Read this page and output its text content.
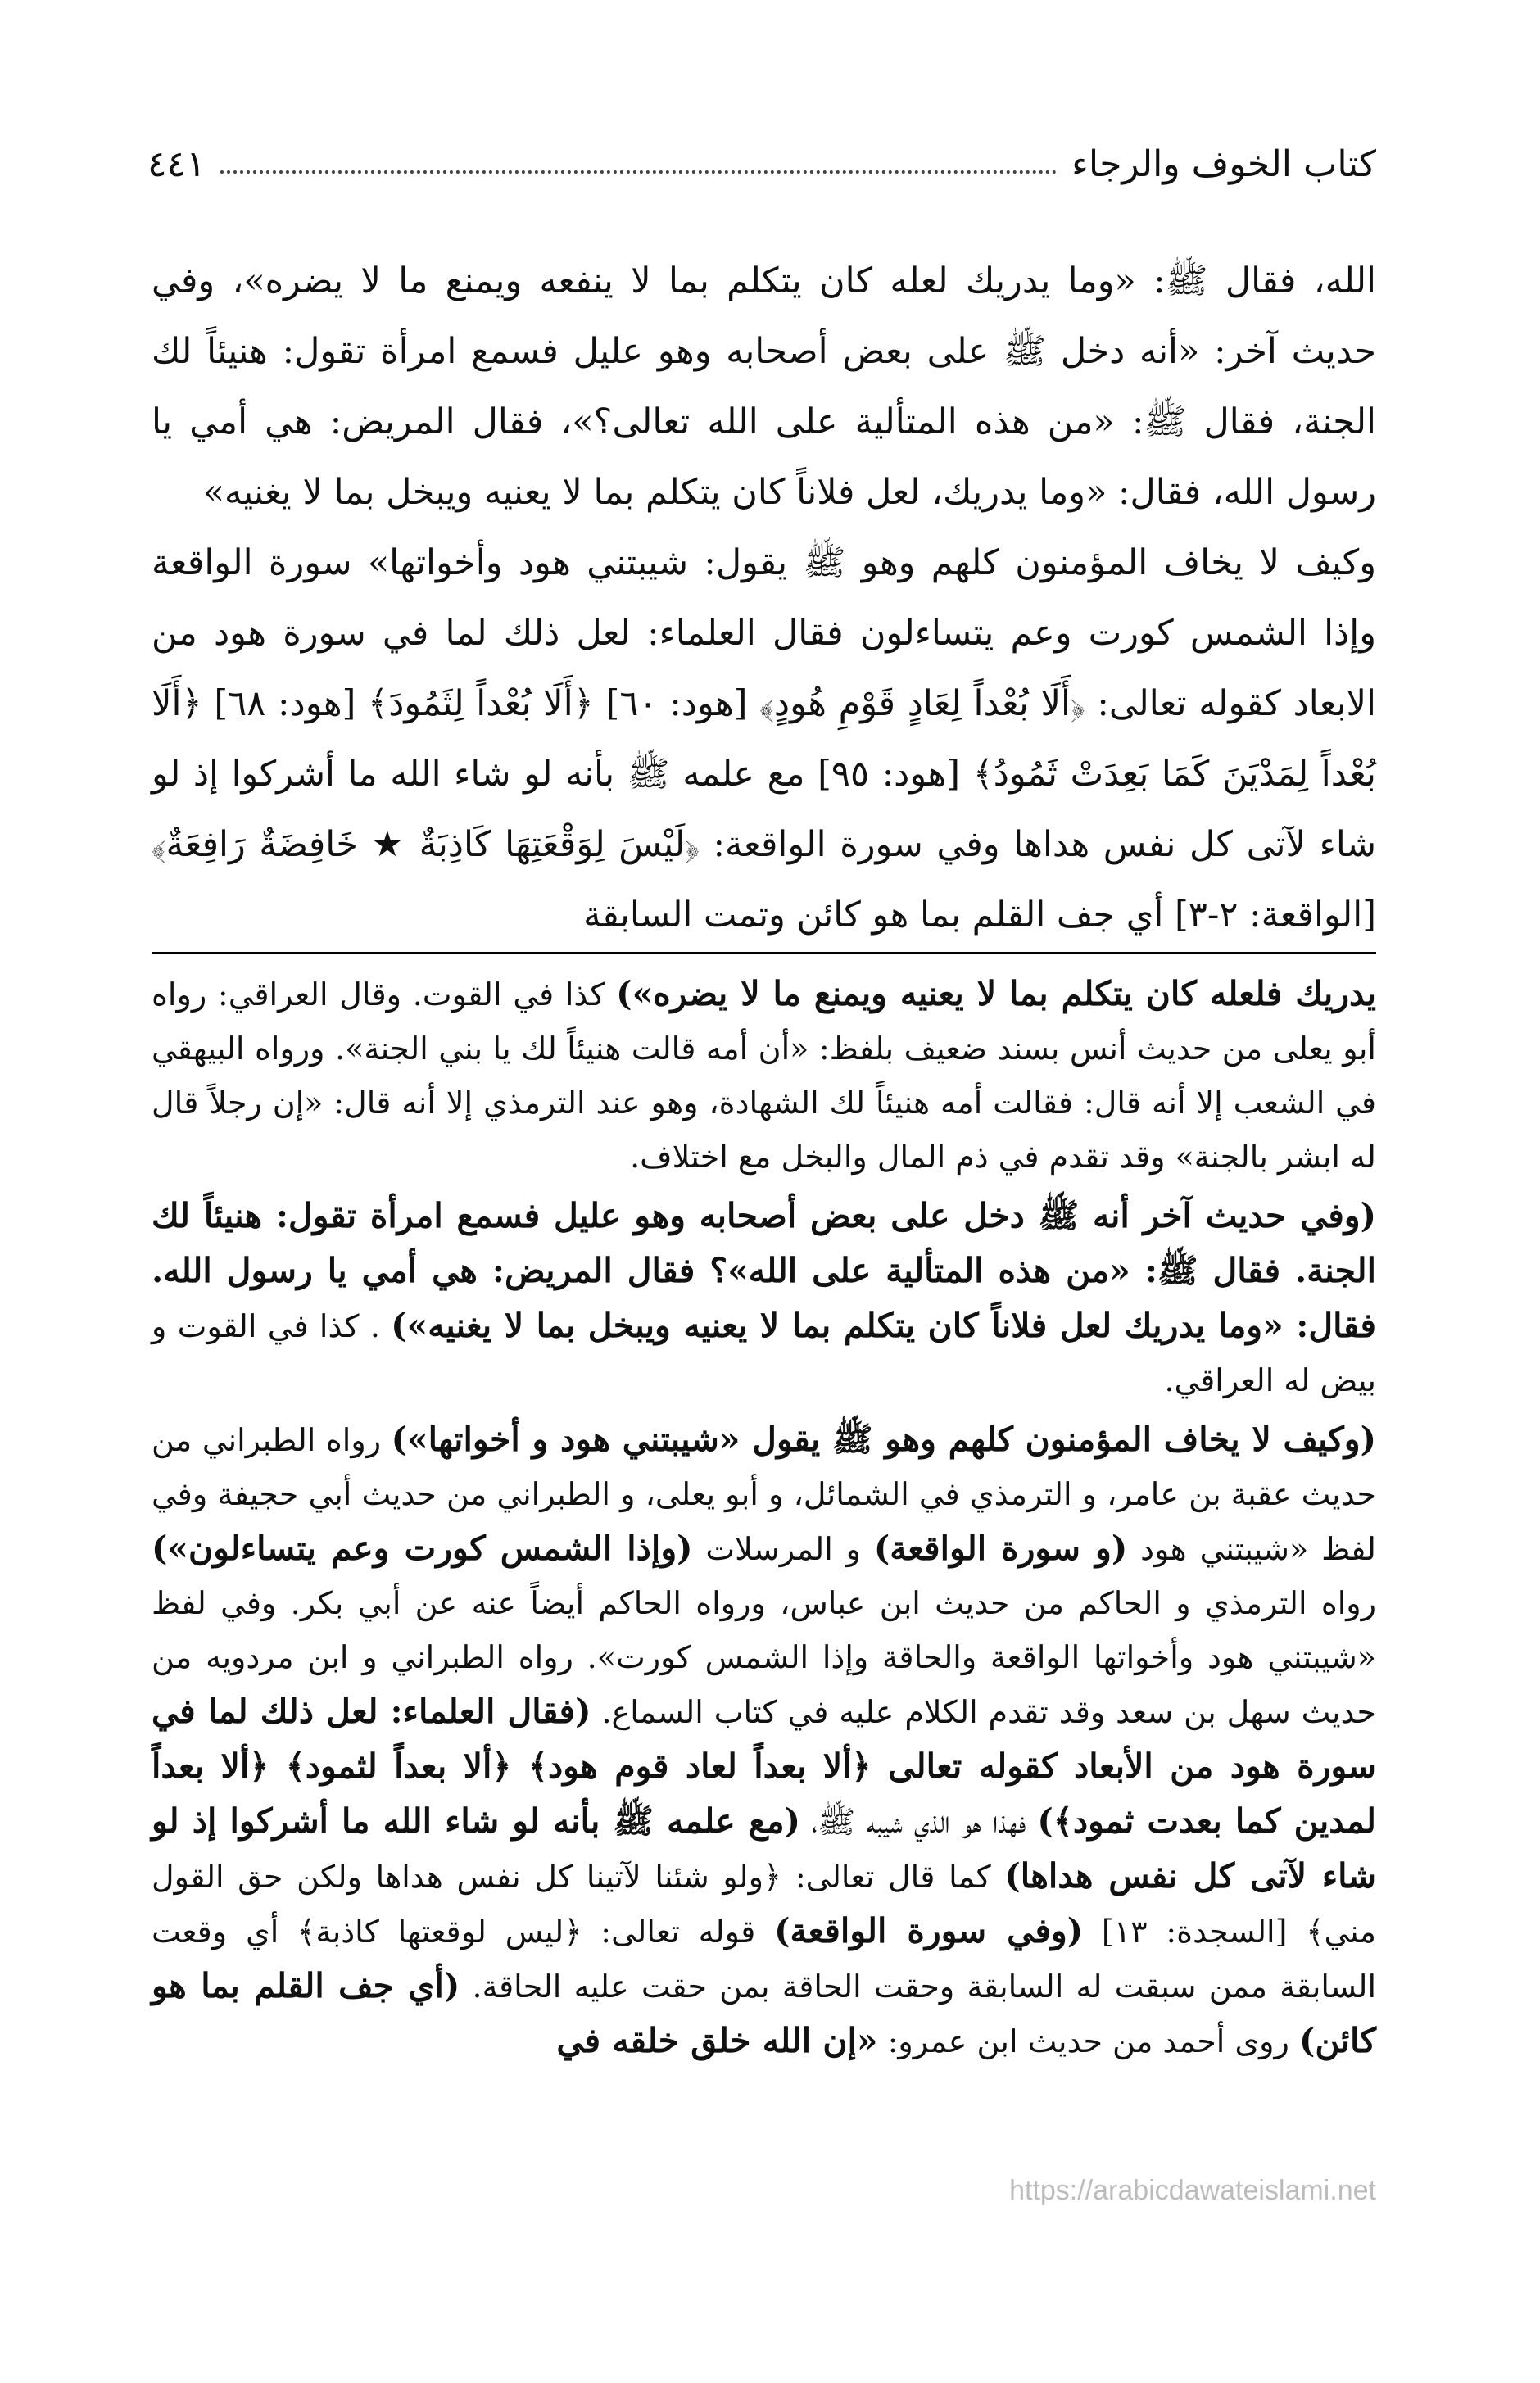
كتاب الخوف والرجاء
٤٤١

الله، فقال ﷺ: «وما يدريك لعله كان يتكلم بما لا ينفعه ويمنع ما لا يضره»، وفي حديث آخر: «أنه دخل ﷺ على بعض أصحابه وهو عليل فسمع امرأة تقول: هنيئاً لك الجنة، فقال ﷺ: «من هذه المتألية على الله تعالى؟»، فقال المريض: هي أمي يا رسول الله، فقال: «وما يدريك، لعل فلاناً كان يتكلم بما لا يعنيه ويبخل بما لا يغنيه»

وكيف لا يخاف المؤمنون كلهم وهو ﷺ يقول: شيبتني هود وأخواتها» سورة الواقعة وإذا الشمس كورت وعم يتساءلون فقال العلماء: لعل ذلك لما في سورة هود من الابعاد كقوله تعالى: ﴿أَلَا بُعْداً لِعَادٍ قَوْمِ هُودٍ﴾ [هود: ٦٠] ﴿أَلَا بُعْداً لِثَمُودَ﴾ [هود: ٦٨] ﴿أَلَا بُعْداً لِمَدْيَنَ كَمَا بَعِدَتْ ثَمُودُ﴾ [هود: ٩٥] مع علمه ﷺ بأنه لو شاء الله ما أشركوا إذ لو شاء لآتى كل نفس هداها وفي سورة الواقعة: ﴿لَيْسَ لِوَقْعَتِهَا كَاذِبَةٌ ★ خَافِضَةٌ رَافِعَةٌ﴾ [الواقعة: ٢-٣] أي جف القلم بما هو كائن وتمت السابقة

يدريك فلعله كان يتكلم بما لا يعنيه ويمنع ما لا يضره») كذا في القوت. وقال العراقي: رواه أبو يعلى من حديث أنس بسند ضعيف بلفظ: «أن أمه قالت هنيئاً لك يا بني الجنة». ورواه البيهقي في الشعب إلا أنه قال: فقالت أمه هنيئاً لك الشهادة، وهو عند الترمذي إلا أنه قال: «إن رجلاً قال له ابشر بالجنة» وقد تقدم في ذم المال والبخل مع اختلاف.

(وفي حديث آخر أنه ﷺ دخل على بعض أصحابه وهو عليل فسمع امرأة تقول: هنيئاً لك الجنة. فقال ﷺ: «من هذه المتألية على الله»؟ فقال المريض: هي أمي يا رسول الله. فقال: «وما يدريك لعل فلاناً كان يتكلم بما لا يعنيه ويبخل بما لا يغنيه») . كذا في القوت و بيض له العراقي.

(وكيف لا يخاف المؤمنون كلهم وهو ﷺ يقول «شيبتني هود و أخواتها») رواه الطبراني من حديث عقبة بن عامر، و الترمذي في الشمائل، و أبو يعلى، و الطبراني من حديث أبي حجيفة وفي لفظ «شيبتني هود (و سورة الواقعة) و المرسلات (وإذا الشمس كورت وعم يتساءلون») رواه الترمذي و الحاكم من حديث ابن عباس، ورواه الحاكم أيضاً عنه عن أبي بكر. وفي لفظ «شيبتني هود وأخواتها الواقعة والحاقة وإذا الشمس كورت». رواه الطبراني و ابن مردويه من حديث سهل بن سعد وقد تقدم الكلام عليه في كتاب السماع. (فقال العلماء: لعل ذلك لما في سورة هود من الأبعاد كقوله تعالى ﴿ألا بعداً لعاد قوم هود﴾ ﴿ألا بعداً لثمود﴾ ﴿ألا بعداً لمدين كما بعدت ثمود﴾) فهذا هو الذي شيبه ﷺ، (مع علمه ﷺ بأنه لو شاء الله ما أشركوا إذ لو شاء لآتى كل نفس هداها) كما قال تعالى: ﴿ولو شئنا لآتينا كل نفس هداها ولكن حق القول مني﴾ [السجدة: ١٣] (وفي سورة الواقعة) قوله تعالى: ﴿ليس لوقعتها كاذبة﴾ أي وقعت السابقة ممن سبقت له السابقة وحقت الحاقة بمن حقت عليه الحاقة. (أي جف القلم بما هو كائن) روى أحمد من حديث ابن عمرو: «إن الله خلق خلقه في

https://arabicdawateislami.net
